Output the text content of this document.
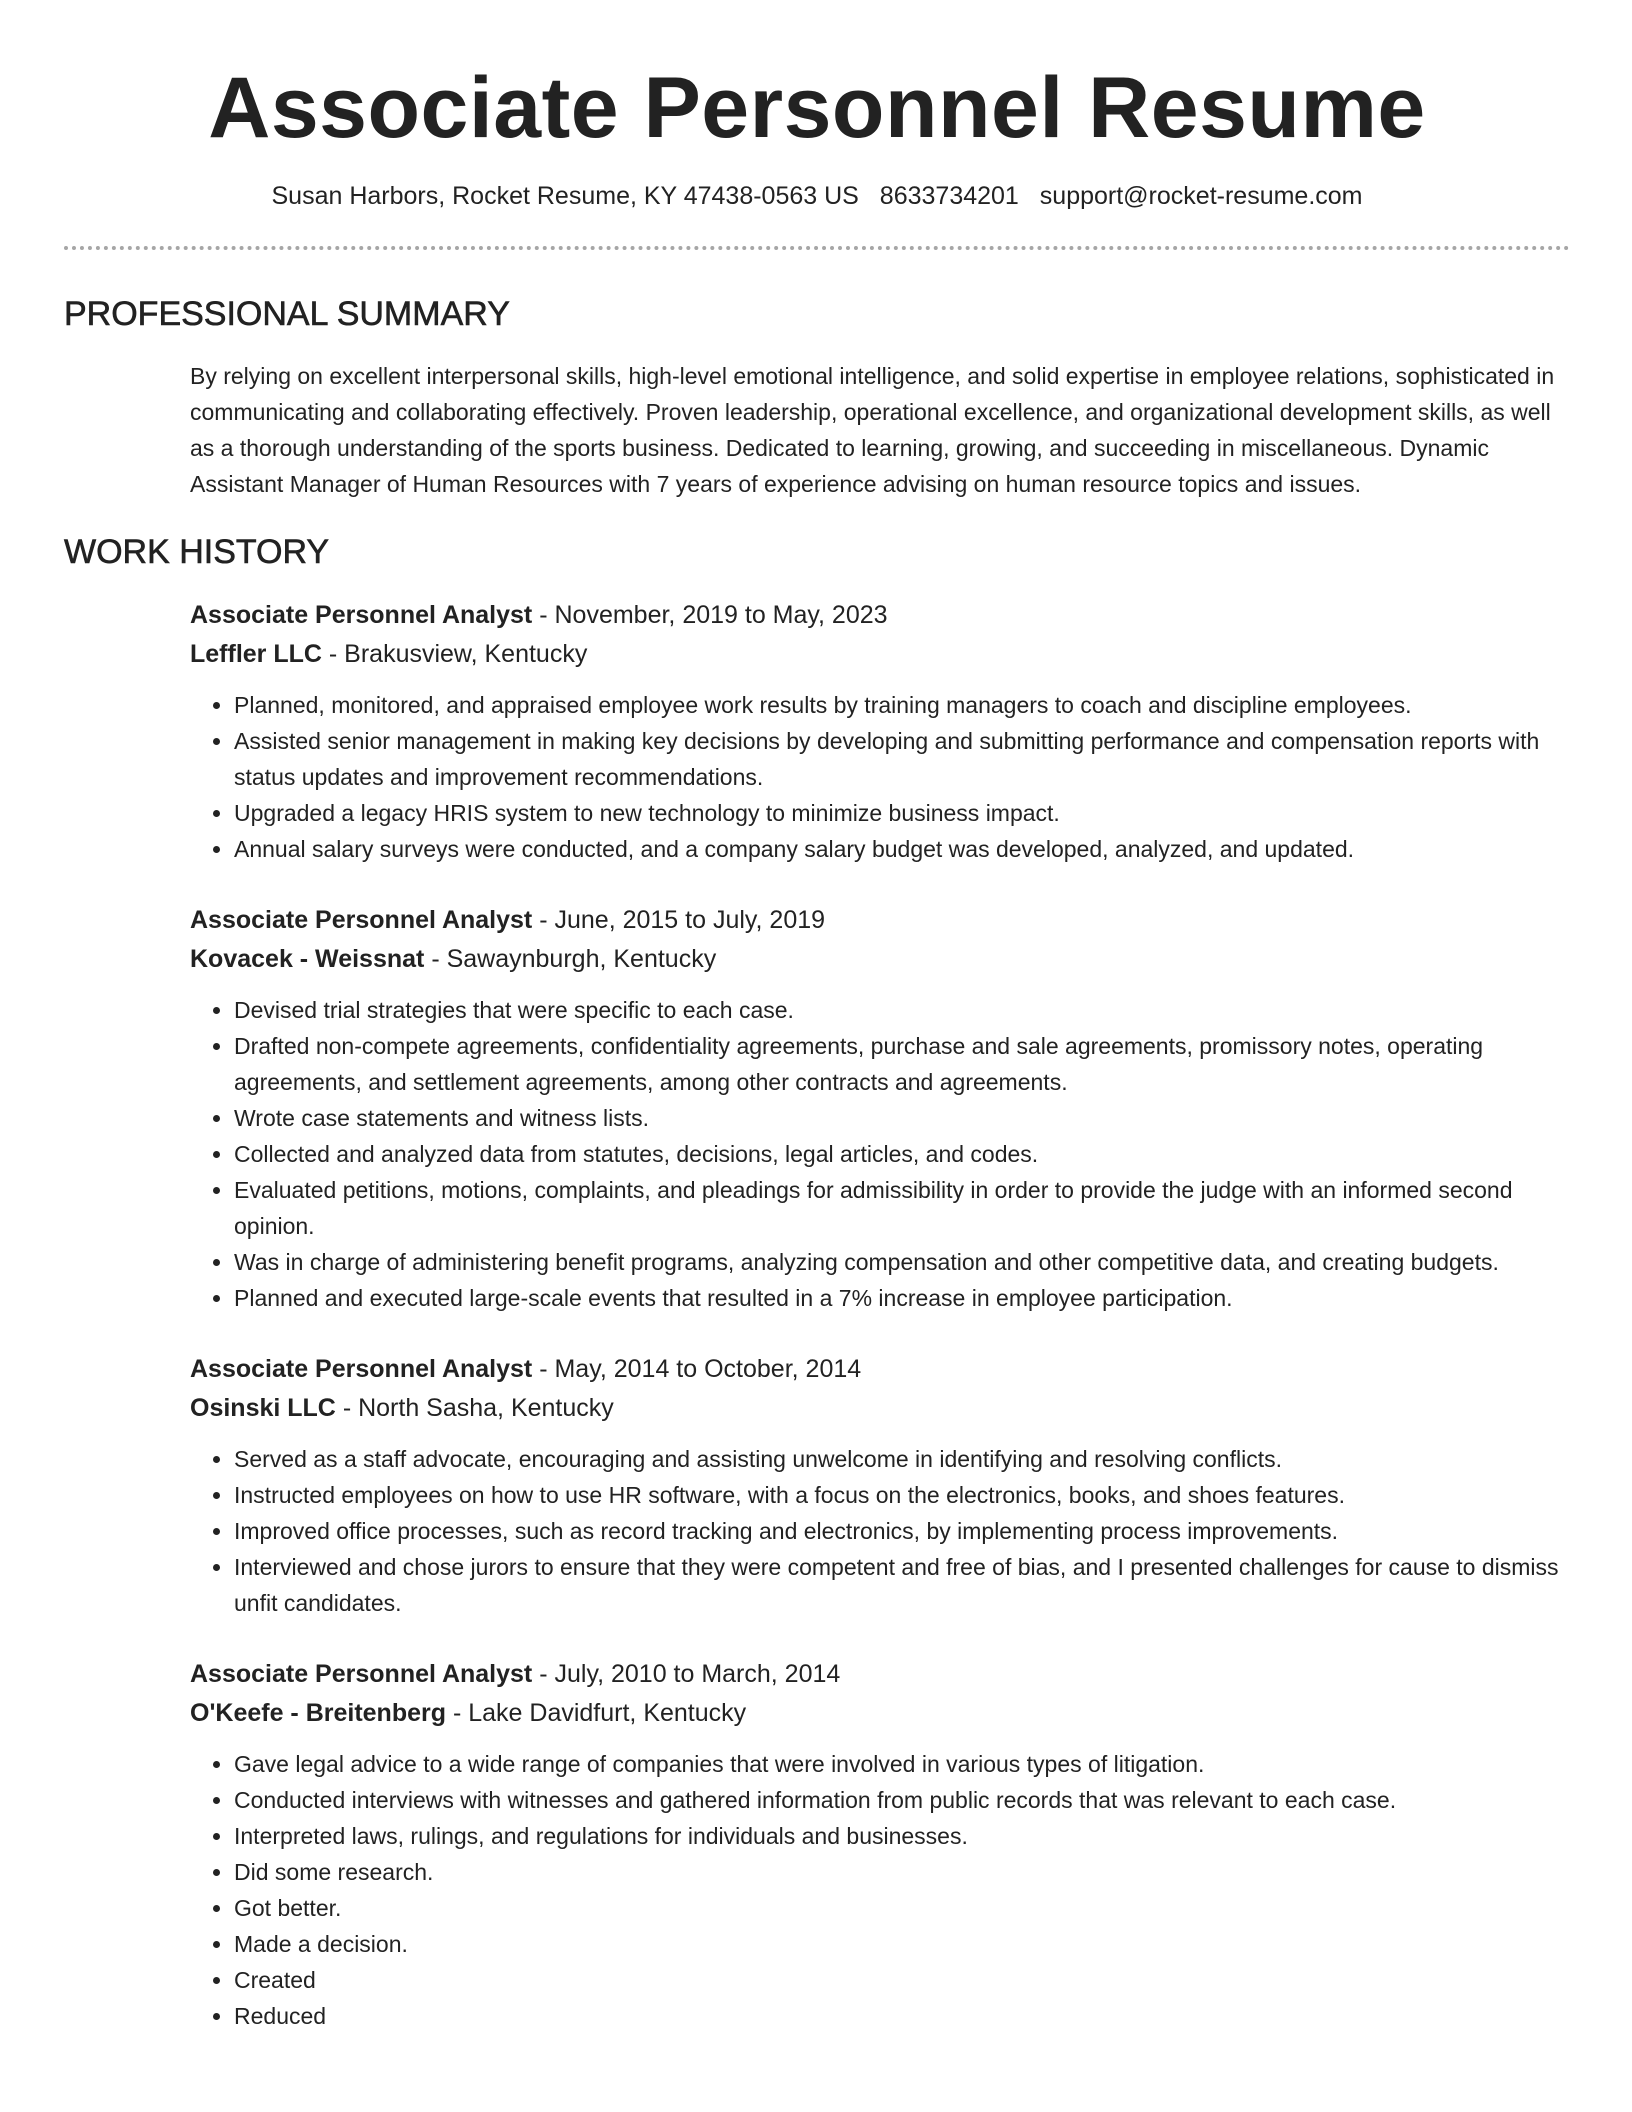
Associate Personnel Resume
Susan Harbors, Rocket Resume, KY 47438-0563 US 8633734201 support@rocket-resume.com
PROFESSIONAL SUMMARY

By relying on excellent interpersonal skills, high-level emotional intelligence, and solid expertise in employee relations, sophisticated in communicating and collaborating effectively. Proven leadership, operational excellence, and organizational development skills, as well as a thorough understanding of the sports business. Dedicated to learning, growing, and succeeding in miscellaneous. Dynamic Assistant Manager of Human Resources with 7 years of experience advising on human resource topics and issues.

WORK HISTORY
Associate Personnel Analyst - November, 2019 to May, 2023
Leffler LLC - Brakusview, Kentucky
• Planned, monitored, and appraised employee work results by training managers to coach and discipline employees.
• Assisted senior management in making key decisions by developing and submitting performance and compensation reports with status updates and improvement recommendations.
• Upgraded a legacy HRIS system to new technology to minimize business impact.
• Annual salary surveys were conducted, and a company salary budget was developed, analyzed, and updated.
Associate Personnel Analyst - June, 2015 to July, 2019
Kovacek - Weissnat - Sawaynburgh, Kentucky
• Devised trial strategies that were specific to each case.
• Drafted non-compete agreements, confidentiality agreements, purchase and sale agreements, promissory notes, operating agreements, and settlement agreements, among other contracts and agreements.
• Wrote case statements and witness lists.
• Collected and analyzed data from statutes, decisions, legal articles, and codes.
• Evaluated petitions, motions, complaints, and pleadings for admissibility in order to provide the judge with an informed second opinion.
• Was in charge of administering benefit programs, analyzing compensation and other competitive data, and creating budgets.
• Planned and executed large-scale events that resulted in a 7% increase in employee participation.
Associate Personnel Analyst - May, 2014 to October, 2014
Osinski LLC - North Sasha, Kentucky
• Served as a staff advocate, encouraging and assisting unwelcome in identifying and resolving conflicts.
• Instructed employees on how to use HR software, with a focus on the electronics, books, and shoes features.
• Improved office processes, such as record tracking and electronics, by implementing process improvements.
• Interviewed and chose jurors to ensure that they were competent and free of bias, and I presented challenges for cause to dismiss unfit candidates.
Associate Personnel Analyst - July, 2010 to March, 2014
O'Keefe - Breitenberg - Lake Davidfurt, Kentucky
• Gave legal advice to a wide range of companies that were involved in various types of litigation.
• Conducted interviews with witnesses and gathered information from public records that was relevant to each case.
• Interpreted laws, rulings, and regulations for individuals and businesses.
• Did some research.
• Got better.
• Made a decision.
• Created
• Reduced
